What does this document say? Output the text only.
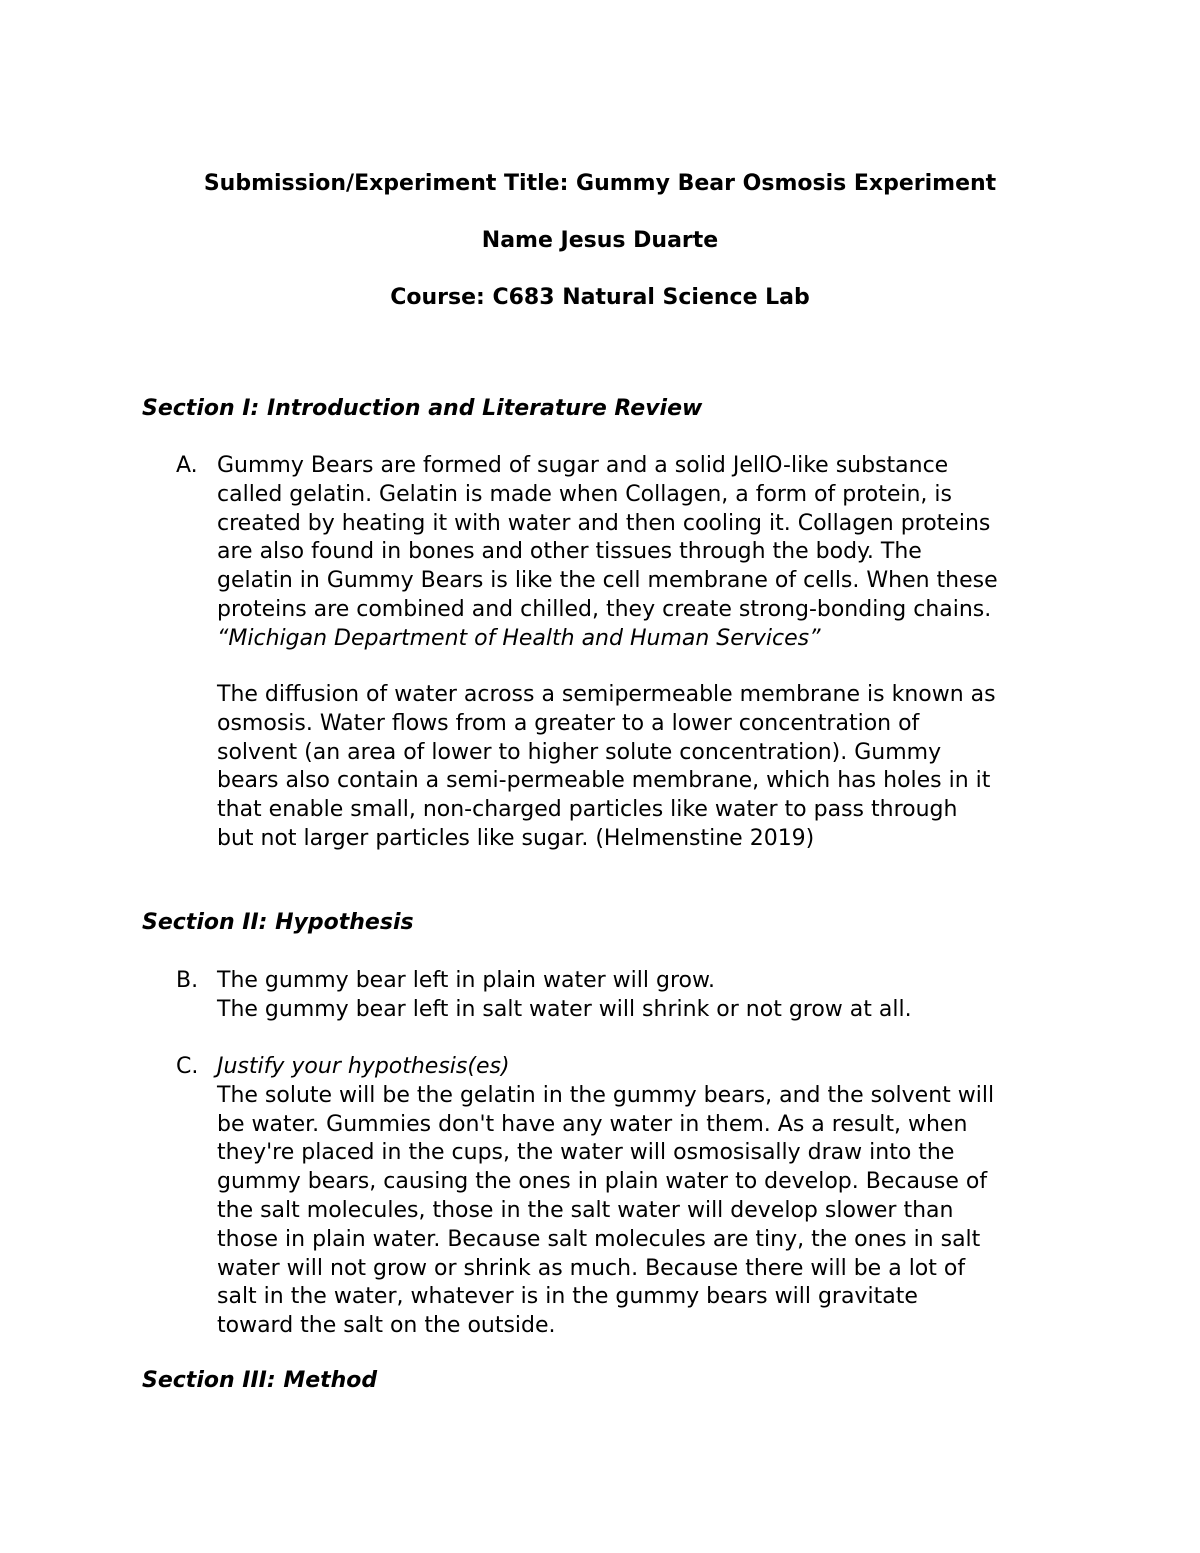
Submission/Experiment Title: Gummy Bear Osmosis Experiment
Name Jesus Duarte
Course: C683 Natural Science Lab
Section I: Introduction and Literature Review
A. Gummy Bears are formed of sugar and a solid JellO-like substance
called gelatin. Gelatin is made when Collagen, a form of protein, is
created by heating it with water and then cooling it. Collagen proteins
are also found in bones and other tissues through the body. The
gelatin in Gummy Bears is like the cell membrane of cells. When these
proteins are combined and chilled, they create strong-bonding chains.
“Michigan Department of Health and Human Services”
The diffusion of water across a semipermeable membrane is known as
osmosis. Water flows from a greater to a lower concentration of
solvent (an area of lower to higher solute concentration). Gummy
bears also contain a semi-permeable membrane, which has holes in it
that enable small, non-charged particles like water to pass through
but not larger particles like sugar. (Helmenstine 2019)
Section II: Hypothesis
B. The gummy bear left in plain water will grow.
The gummy bear left in salt water will shrink or not grow at all.
C. Justify your hypothesis(es)
The solute will be the gelatin in the gummy bears, and the solvent will
be water. Gummies don't have any water in them. As a result, when
they're placed in the cups, the water will osmosisally draw into the
gummy bears, causing the ones in plain water to develop. Because of
the salt molecules, those in the salt water will develop slower than
those in plain water. Because salt molecules are tiny, the ones in salt
water will not grow or shrink as much. Because there will be a lot of
salt in the water, whatever is in the gummy bears will gravitate
toward the salt on the outside.
Section III: Method
